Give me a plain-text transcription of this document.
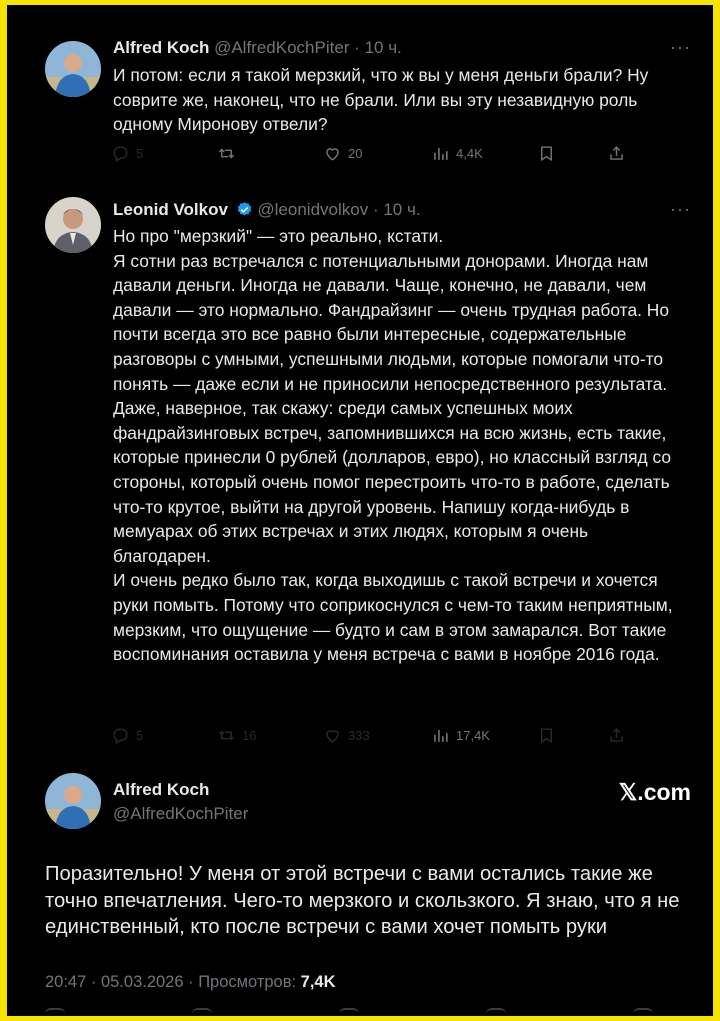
Alfred Koch @AlfredKochPiter · 10 ч.	···

И потом: если я такой мерзкий, что ж вы у меня деньги брали? Ну соврите же, наконец, что не брали. Или вы эту незавидную роль одному Миронову отвели?

5	20	4,4K
Leonid Volkov @leonidvolkov · 10 ч.	···

Но про "мерзкий" — это реально, кстати.

Я сотни раз встречался с потенциальными донорами. Иногда нам давали деньги. Иногда не давали. Чаще, конечно, не давали, чем давали — это нормально. Фандрайзинг — очень трудная работа. Но почти всегда это все равно были интересные, содержательные разговоры с умными, успешными людьми, которые помогали что-то понять — даже если и не приносили непосредственного результата.

Даже, наверное, так скажу: среди самых успешных моих фандрайзинговых встреч, запомнившихся на всю жизнь, есть такие, которые принесли 0 рублей (долларов, евро), но классный взгляд со стороны, который очень помог перестроить что-то в работе, сделать что-то крутое, выйти на другой уровень. Напишу когда-нибудь в мемуарах об этих встречах и этих людях, которым я очень благодарен.

И очень редко было так, когда выходишь с такой встречи и хочется руки помыть. Потому что соприкоснулся с чем-то таким неприятным, мерзким, что ощущение — будто и сам в этом замарался. Вот такие воспоминания оставила у меня встреча с вами в ноябре 2016 года.

5	16	333	17,4K
Alfred Koch
@AlfredKochPiter
𝕏.com
Поразительно! У меня от этой встречи с вами остались такие же точно впечатления. Чего-то мерзкого и скользкого. Я знаю, что я не единственный, кто после встречи с вами хочет помыть руки
20:47 · 05.03.2026 · Просмотров: 7,4K
